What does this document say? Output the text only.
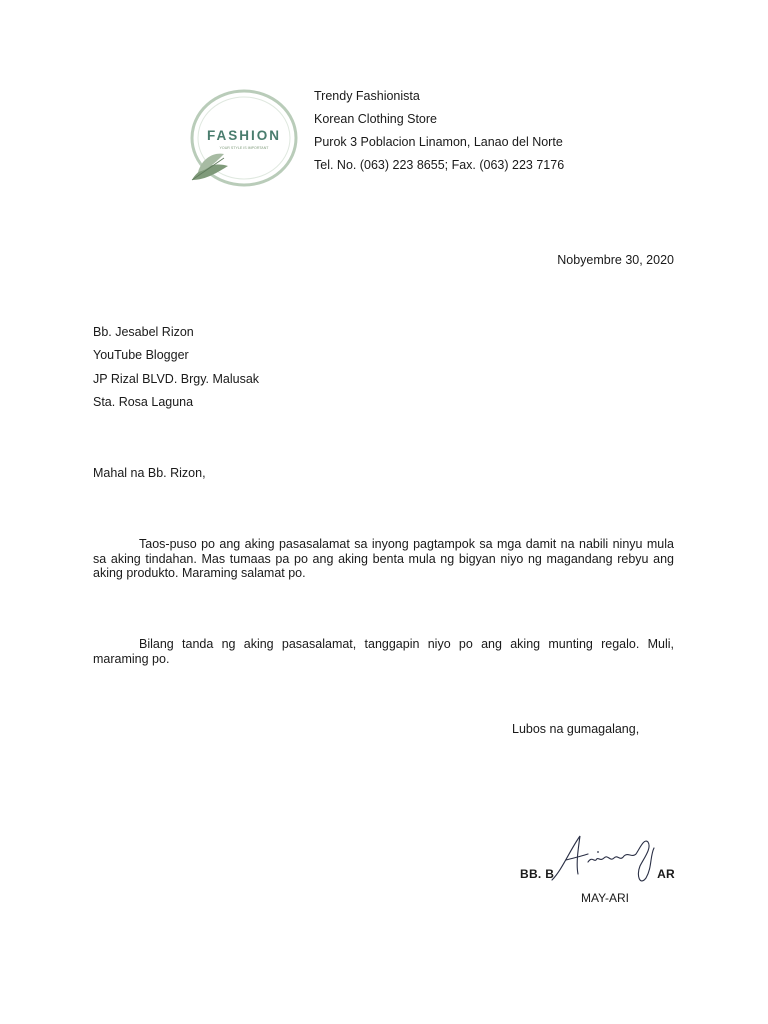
FASHION
YOUR STYLE IS IMPORTANT
Trendy Fashionista
Korean Clothing Store
Purok 3 Poblacion Linamon, Lanao del Norte
Tel. No. (063) 223 8655; Fax. (063) 223 7176
Nobyembre 30, 2020
Bb. Jesabel Rizon
YouTube Blogger
JP Rizal BLVD. Brgy. Malusak
Sta. Rosa Laguna
Mahal na Bb. Rizon,
Taos-puso po ang aking pasasalamat sa inyong pagtampok sa mga damit na nabili ninyu mula sa aking tindahan. Mas tumaas pa po ang aking benta mula ng bigyan niyo ng magandang rebyu ang aking produkto. Maraming salamat po.
Bilang tanda ng aking pasasalamat, tanggapin niyo po ang aking munting regalo. Muli, maraming po.
Lubos na gumagalang,
BB. B	AR
MAY-ARI
